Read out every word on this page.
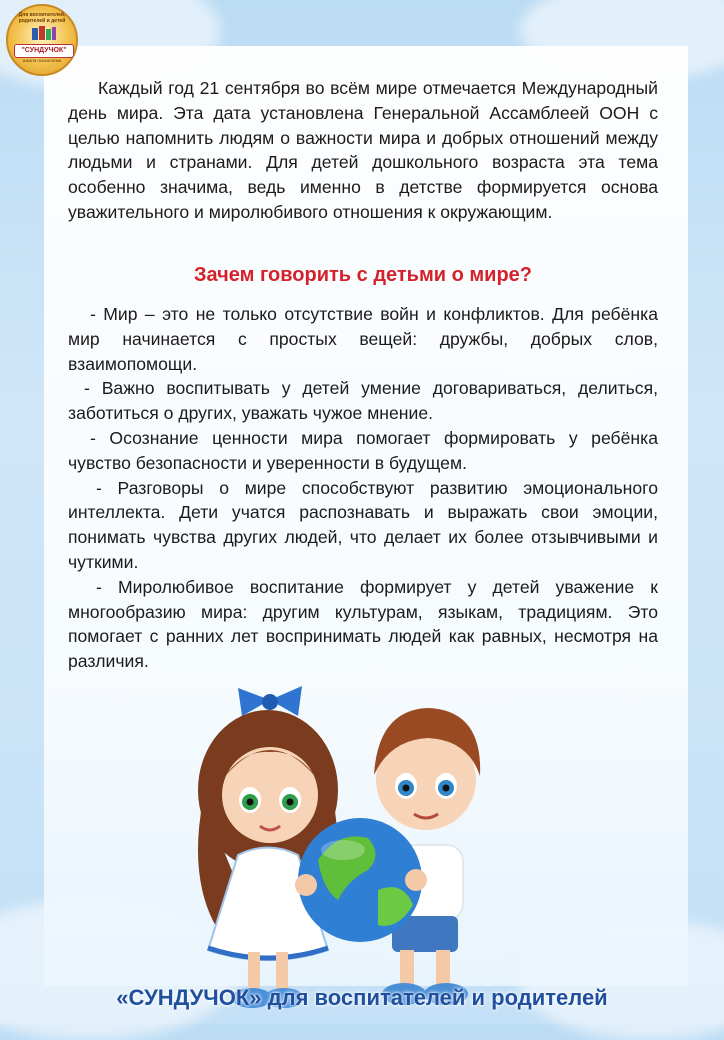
Для воспитателей, родителей и детей
"СУНДУЧОК"
школа психологии

Каждый год 21 сентября во всём мире отмечается Международный день мира. Эта дата установлена Генеральной Ассамблеей ООН с целью напомнить людям о важности мира и добрых отношений между людьми и странами. Для детей дошкольного возраста эта тема особенно значима, ведь именно в детстве формируется основа уважительного и миролюбивого отношения к окружающим.

Зачем говорить с детьми о мире?

- Мир – это не только отсутствие войн и конфликтов. Для ребёнка мир начинается с простых вещей: дружбы, добрых слов, взаимопомощи.

- Важно воспитывать у детей умение договариваться, делиться, заботиться о других, уважать чужое мнение.

- Осознание ценности мира помогает формировать у ребёнка чувство безопасности и уверенности в будущем.

- Разговоры о мире способствуют развитию эмоционального интеллекта. Дети учатся распознавать и выражать свои эмоции, понимать чувства других людей, что делает их более отзывчивыми и чуткими.

- Миролюбивое воспитание формирует у детей уважение к многообразию мира: другим культурам, языкам, традициям. Это помогает с ранних лет воспринимать людей как равных, несмотря на различия.

«СУНДУЧОК» для воспитателей и родителей
